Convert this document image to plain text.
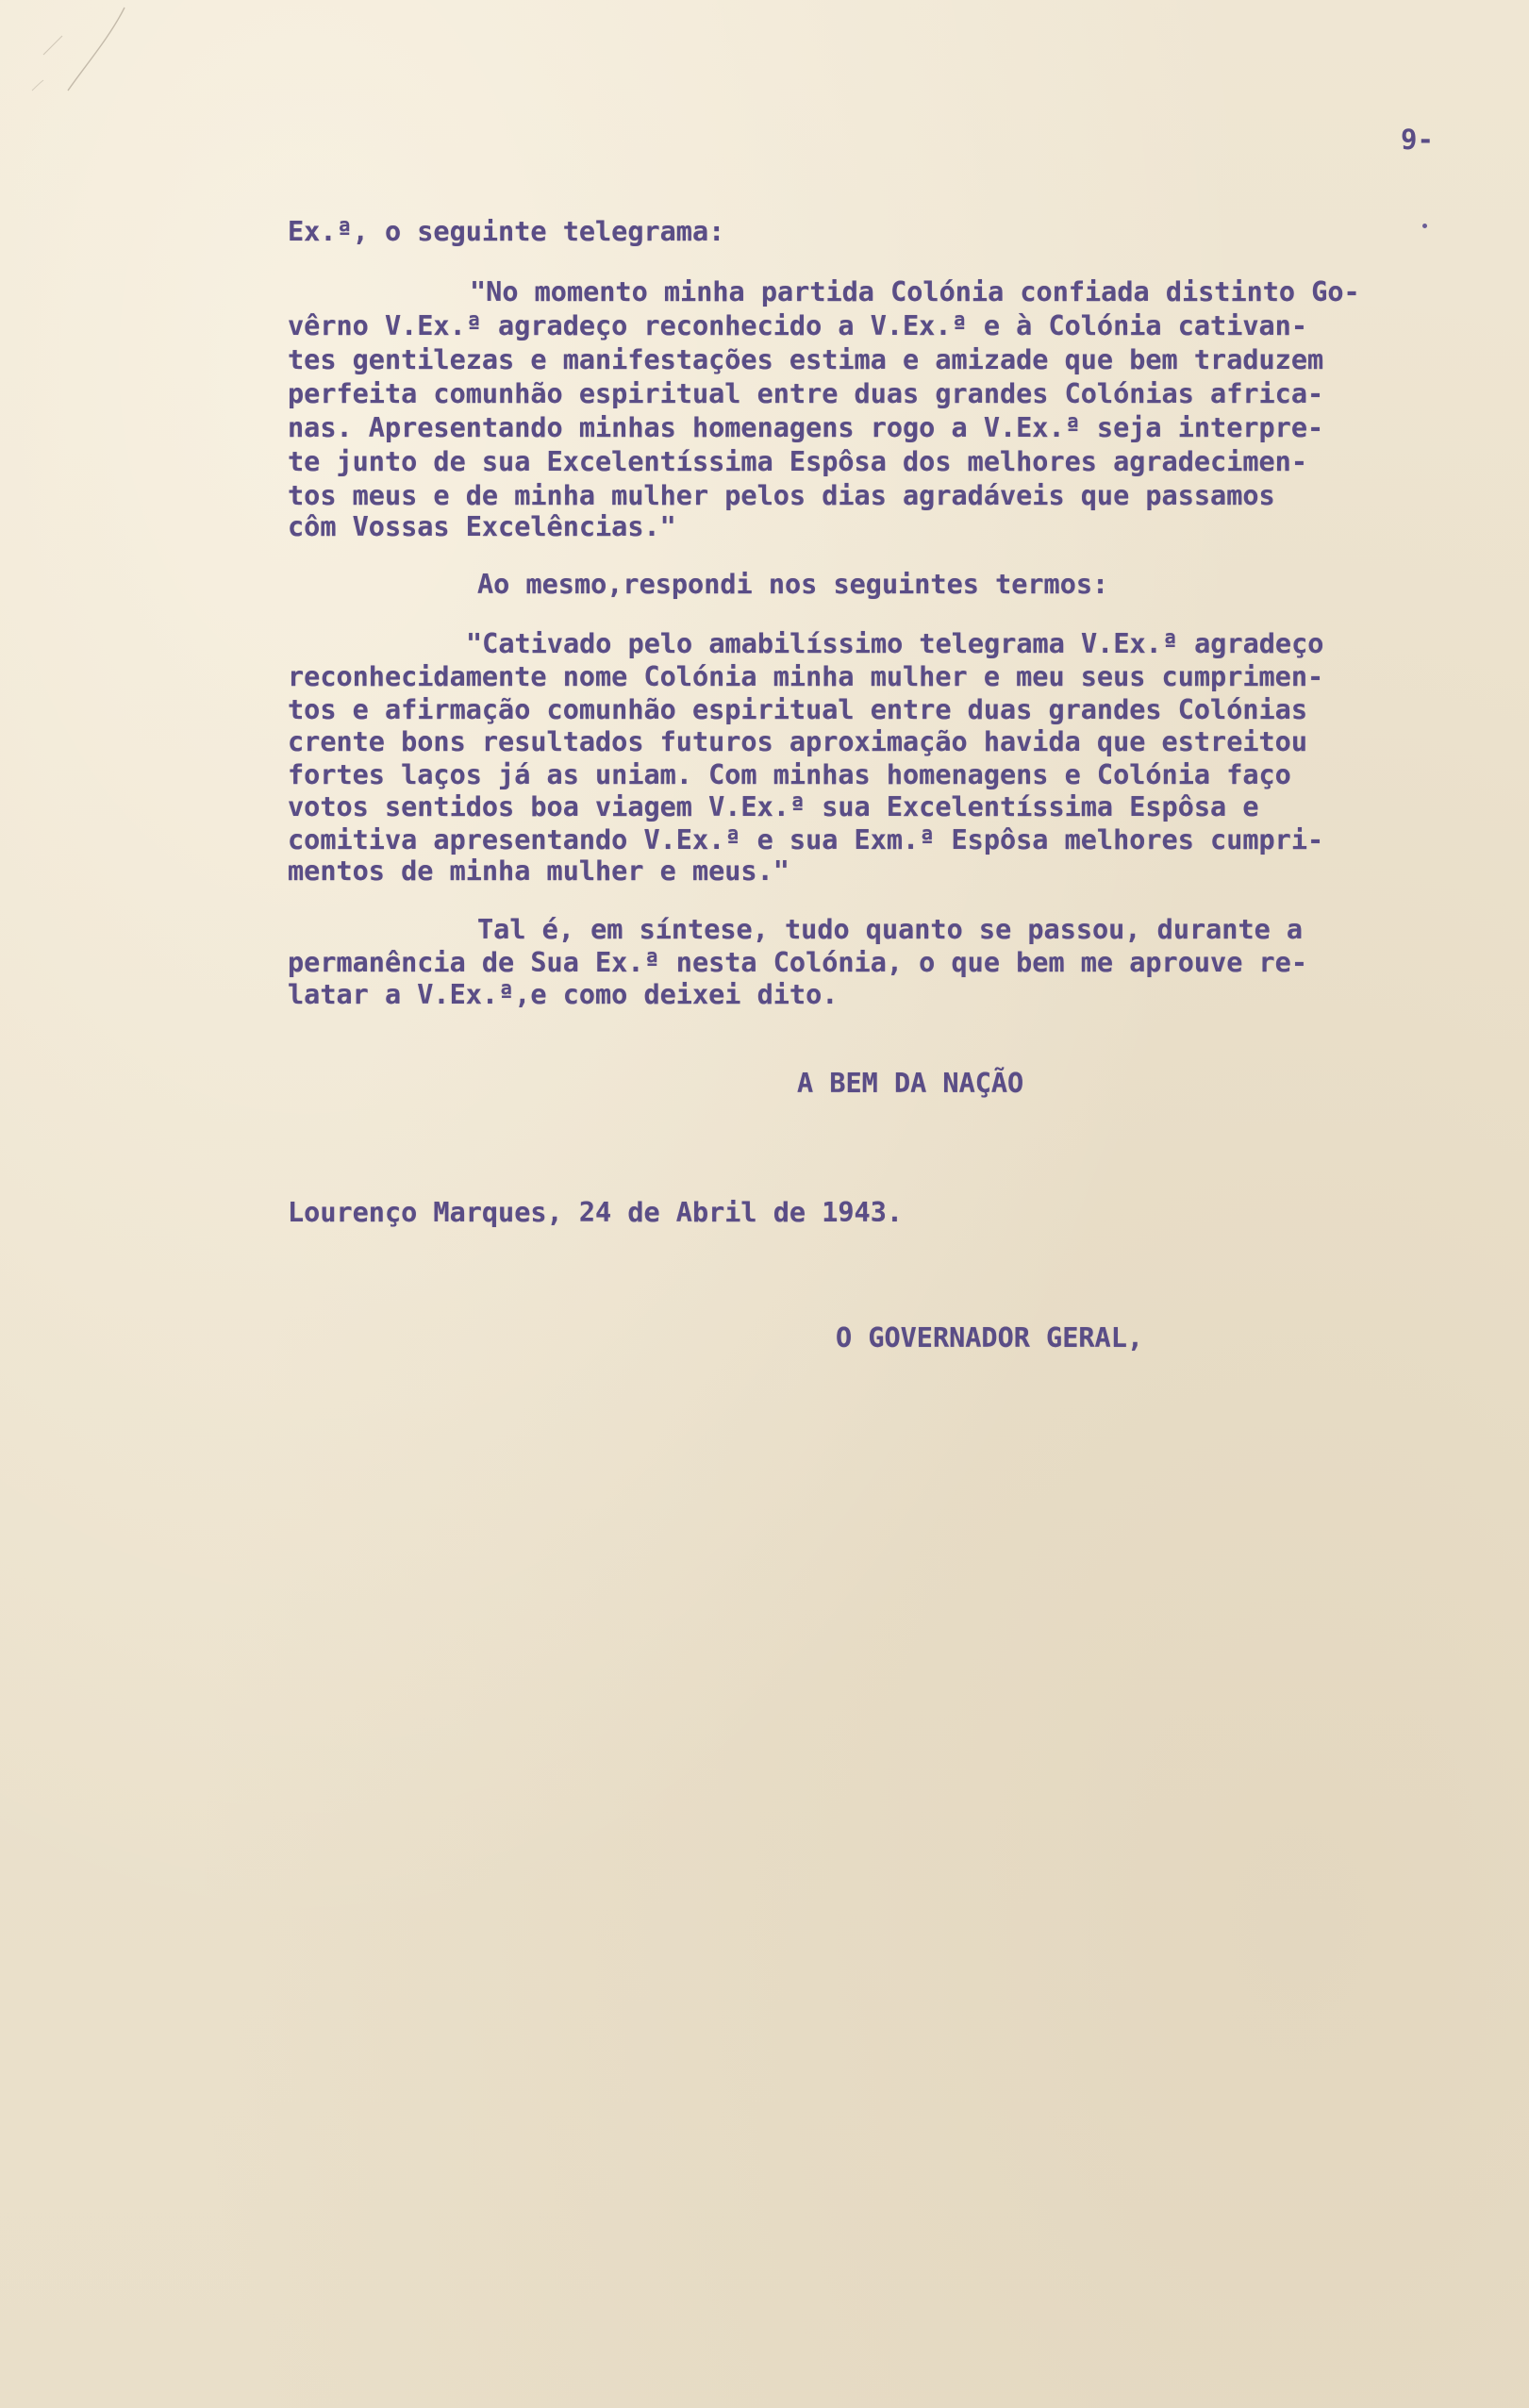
9-
Ex.ª, o seguinte telegrama:
"No momento minha partida Colónia confiada distinto Go-
vêrno V.Ex.ª agradeço reconhecido a V.Ex.ª e à Colónia cativan-
tes gentilezas e manifestações estima e amizade que bem traduzem
perfeita comunhão espiritual entre duas grandes Colónias africa-
nas. Apresentando minhas homenagens rogo a V.Ex.ª seja interpre-
te junto de sua Excelentíssima Espôsa dos melhores agradecimen-
tos meus e de minha mulher pelos dias agradáveis que passamos
côm Vossas Excelências."
Ao mesmo,respondi nos seguintes termos:
"Cativado pelo amabilíssimo telegrama V.Ex.ª agradeço
reconhecidamente nome Colónia minha mulher e meu seus cumprimen-
tos e afirmação comunhão espiritual entre duas grandes Colónias
crente bons resultados futuros aproximação havida que estreitou
fortes laços já as uniam. Com minhas homenagens e Colónia faço
votos sentidos boa viagem V.Ex.ª sua Excelentíssima Espôsa e
comitiva apresentando V.Ex.ª e sua Exm.ª Espôsa melhores cumpri-
mentos de minha mulher e meus."
Tal é, em síntese, tudo quanto se passou, durante a
permanência de Sua Ex.ª nesta Colónia, o que bem me aprouve re-
latar a V.Ex.ª,e como deixei dito.
A BEM DA NAÇÃO
Lourenço Marques, 24 de Abril de 1943.
O GOVERNADOR GERAL,
